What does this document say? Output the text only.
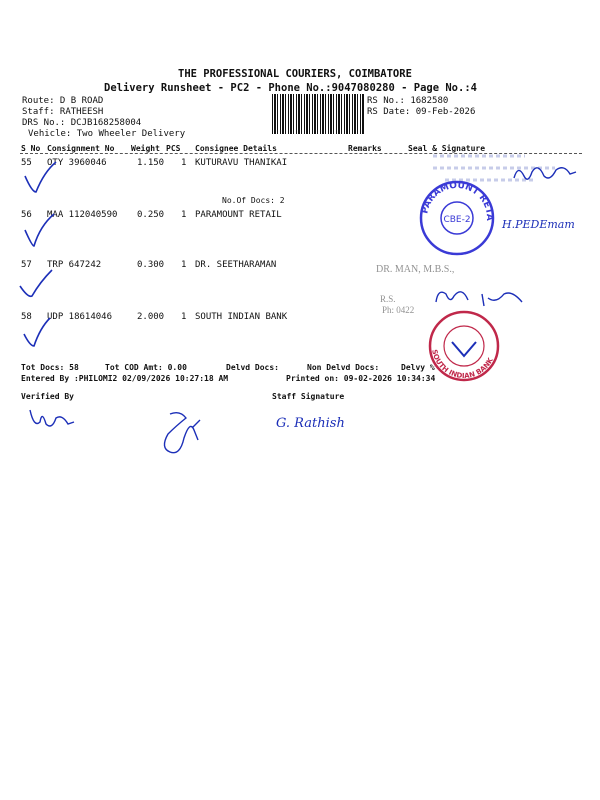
THE PROFESSIONAL COURIERS, COIMBATORE
Delivery Runsheet - PC2 - Phone No.:9047080280 - Page No.:4
Route: D B ROAD
Staff: RATHEESH
DRS No.: DCJB168258004
Vehicle: Two Wheeler Delivery
RS No.: 1682580
RS Date: 09-Feb-2026
S No Consignment No Weight PCS Consignee Details	Remarks	Seal & Signature
55 OTY 3960046	1.150 1 KUTURAVU THANIKAI
56 MAA 112040590 0.250 1 PARAMOUNT RETAIL
No.Of Docs: 2
57 TRP 647242	0.300 1 DR. SEETHARAMAN
58 UDP 18614046	2.000 1 SOUTH INDIAN BANK
Tot Docs: 58	Tot COD Amt: 0.00	Delvd Docs:	Non Delvd Docs:	Delvy %
Entered By :PHILOMI2 02/09/2026 10:27:18 AM	Printed on: 09-02-2026 10:34:34
Verified By	Staff Signature
PARAMOUNT RETAIL
CBE-2	H.PEDEmam
DR. MAN, M.B.S.,
R.S.
Ph: 0422
SOUTH INDIAN BANK
G. Rathish
